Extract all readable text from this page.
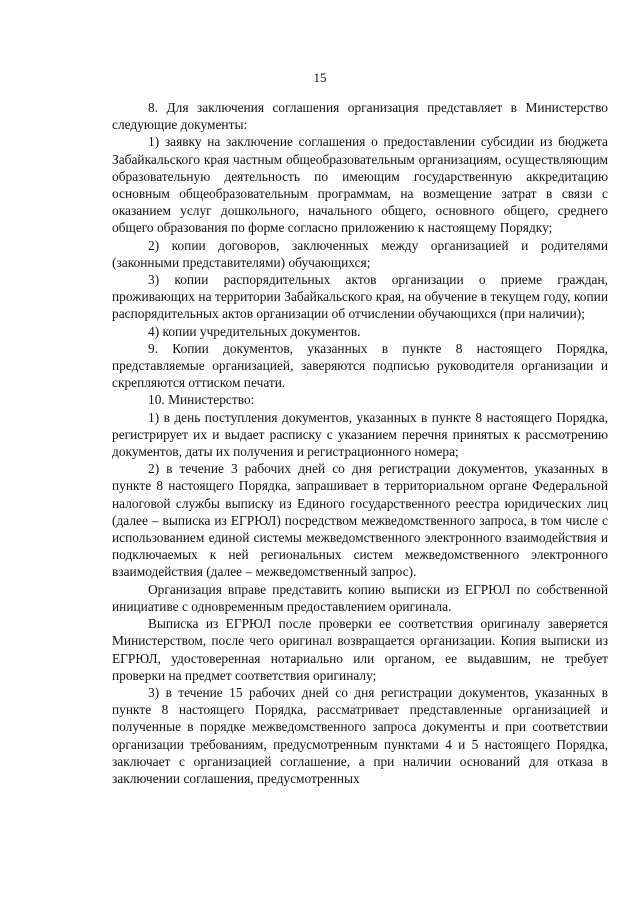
15

8. Для заключения соглашения организация представляет в Министерство следующие документы:

1) заявку на заключение соглашения о предоставлении субсидии из бюджета Забайкальского края частным общеобразовательным организациям, осуществляющим образовательную деятельность по имеющим государственную аккредитацию основным общеобразовательным программам, на возмещение затрат в связи с оказанием услуг дошкольного, начального общего, основного общего, среднего общего образования по форме согласно приложению к настоящему Порядку;

2) копии договоров, заключенных между организацией и родителями (законными представителями) обучающихся;

3) копии распорядительных актов организации о приеме граждан, проживающих на территории Забайкальского края, на обучение в текущем году, копии распорядительных актов организации об отчислении обучающихся (при наличии);

4) копии учредительных документов.

9. Копии документов, указанных в пункте 8 настоящего Порядка, представляемые организацией, заверяются подписью руководителя организации и скрепляются оттиском печати.

10. Министерство:

1) в день поступления документов, указанных в пункте 8 настоящего Порядка, регистрирует их и выдает расписку с указанием перечня принятых к рассмотрению документов, даты их получения и регистрационного номера;

2) в течение 3 рабочих дней со дня регистрации документов, указанных в пункте 8 настоящего Порядка, запрашивает в территориальном органе Федеральной налоговой службы выписку из Единого государственного реестра юридических лиц (далее – выписка из ЕГРЮЛ) посредством межведомственного запроса, в том числе с использованием единой системы межведомственного электронного взаимодействия и подключаемых к ней региональных систем межведомственного электронного взаимодействия (далее – межведомственный запрос).

Организация вправе представить копию выписки из ЕГРЮЛ по собственной инициативе с одновременным предоставлением оригинала.

Выписка из ЕГРЮЛ после проверки ее соответствия оригиналу заверяется Министерством, после чего оригинал возвращается организации. Копия выписки из ЕГРЮЛ, удостоверенная нотариально или органом, ее выдавшим, не требует проверки на предмет соответствия оригиналу;

3) в течение 15 рабочих дней со дня регистрации документов, указанных в пункте 8 настоящего Порядка, рассматривает представленные организацией и полученные в порядке межведомственного запроса документы и при соответствии организации требованиям, предусмотренным пунктами 4 и 5 настоящего Порядка, заключает с организацией соглашение, а при наличии оснований для отказа в заключении соглашения, предусмотренных
